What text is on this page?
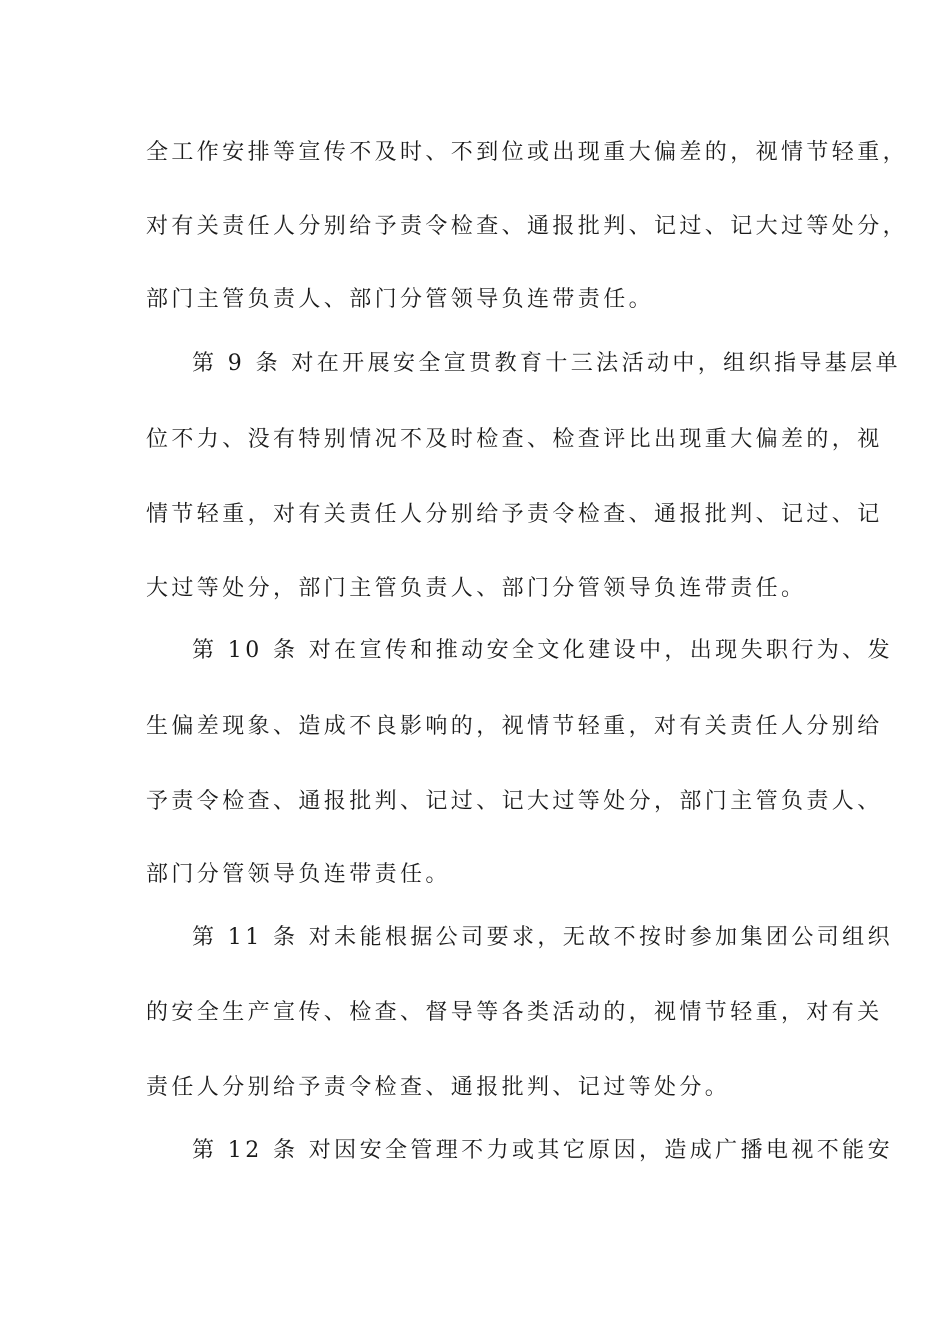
全工作安排等宣传不及时、不到位或出现重大偏差的，视情节轻重，
对有关责任人分别给予责令检查、通报批判、记过、记大过等处分，
部门主管负责人、部门分管领导负连带责任。
第 9 条 对在开展安全宣贯教育十三法活动中，组织指导基层单
位不力、没有特别情况不及时检查、检查评比出现重大偏差的，视
情节轻重，对有关责任人分别给予责令检查、通报批判、记过、记
大过等处分，部门主管负责人、部门分管领导负连带责任。
第 10 条 对在宣传和推动安全文化建设中，出现失职行为、发
生偏差现象、造成不良影响的，视情节轻重，对有关责任人分别给
予责令检查、通报批判、记过、记大过等处分，部门主管负责人、
部门分管领导负连带责任。
第 11 条 对未能根据公司要求，无故不按时参加集团公司组织
的安全生产宣传、检查、督导等各类活动的，视情节轻重，对有关
责任人分别给予责令检查、通报批判、记过等处分。
第 12 条 对因安全管理不力或其它原因，造成广播电视不能安
